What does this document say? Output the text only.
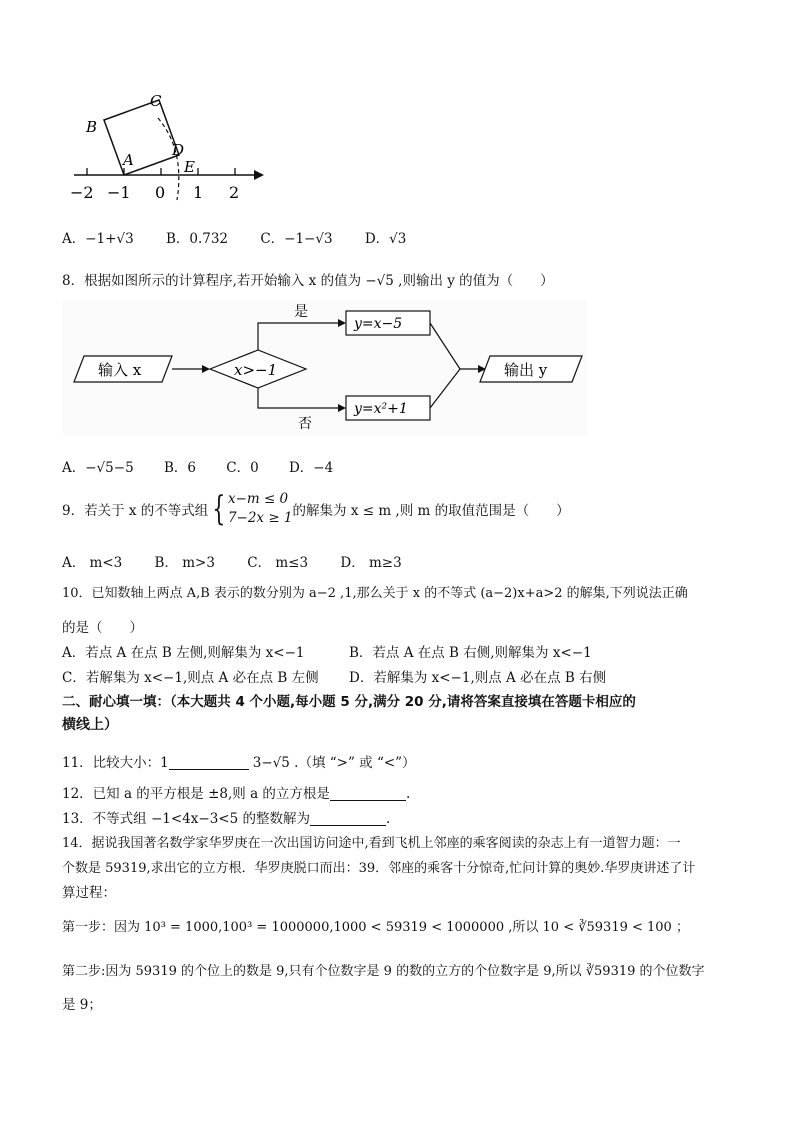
B
C
D
A	E
−2 −1 0 1 2
A．−1+√3 B．0.732 C．−1−√3 D．√3
8．根据如图所示的计算程序,若开始输入 x 的值为 −√5 ,则输出 y 的值为（　　）
输入 x	x>−1
是
y=x−5
否
y=x²+1
输出 y
A．−√5−5 B．6 C．0 D．−4
9．若关于 x 的不等式组 { x−m ≤ 0
7−2x ≥ 1的解集为 x ≤ m ,则 m 的取值范围是（　　）
A． m<3 B． m>3 C． m≤3 D． m≥3
10．已知数轴上两点 A,B 表示的数分别为 a−2 ,1,那么关于 x 的不等式 (a−2)x+a>2 的解集,下列说法正确
的是（　　）
A．若点 A 在点 B 左侧,则解集为 x<−1	B．若点 A 在点 B 右侧,则解集为 x<−1
C．若解集为 x<−1,则点 A 必在点 B 左侧 D．若解集为 x<−1,则点 A 必在点 B 右侧
二、耐心填一填：（本大题共 4 个小题,每小题 5 分,满分 20 分,请将答案直接填在答题卡相应的
横线上）
11．比较大小：1	3−√5 .（填 “>” 或 “<”）
12．已知 a 的平方根是 ±8,则 a 的立方根是	.
13．不等式组 −1<4x−3<5 的整数解为	.
14．据说我国著名数学家华罗庚在一次出国访问途中,看到飞机上邻座的乘客阅读的杂志上有一道智力题：一
个数是 59319,求出它的立方根．华罗庚脱口而出：39．邻座的乘客十分惊奇,忙问计算的奥妙.华罗庚讲述了计
算过程：
第一步：因为 10³ = 1000,100³ = 1000000,1000 < 59319 < 1000000 ,所以 10 < ∛59319 < 100 ；
第二步:因为 59319 的个位上的数是 9,只有个位数字是 9 的数的立方的个位数字是 9,所以 ∛59319 的个位数字
是 9；
